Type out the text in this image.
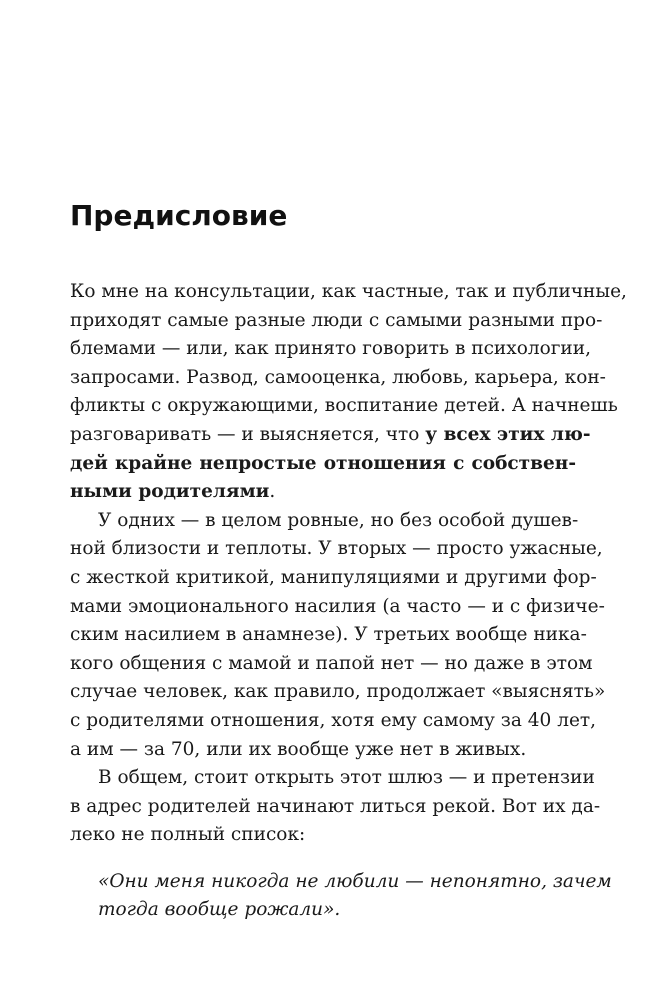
Предисловие
Ко мне на консультации, как частные, так и публичные,
приходят самые разные люди с самыми разными про-
блемами — или, как принято говорить в психологии,
запросами. Развод, самооценка, любовь, карьера, кон-
фликты с окружающими, воспитание детей. А начнешь
разговаривать — и выясняется, что у всех этих лю-
дей крайне непростые отношения с собствен-
ными родителями.
У одних — в целом ровные, но без особой душев-
ной близости и теплоты. У вторых — просто ужасные,
с жесткой критикой, манипуляциями и другими фор-
мами эмоционального насилия (а часто — и с физиче-
ским насилием в анамнезе). У третьих вообще ника-
кого общения с мамой и папой нет — но даже в этом
случае человек, как правило, продолжает «выяснять»
с родителями отношения, хотя ему самому за 40 лет,
а им — за 70, или их вообще уже нет в живых.
В общем, стоит открыть этот шлюз — и претензии
в адрес родителей начинают литься рекой. Вот их да-
леко не полный список:
«Они меня никогда не любили — непонятно, зачем
тогда вообще рожали».
